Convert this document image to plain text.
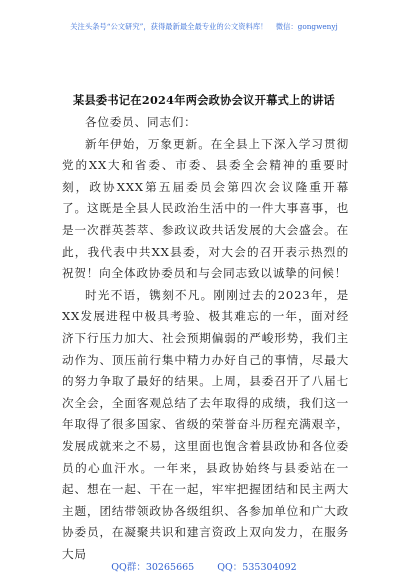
关注头条号“公文研究”，获得最新最全最专业的公文资料库！ 微信：gongwenyj
某县委书记在2024年两会政协会议开幕式上的讲话

各位委员、同志们：

新年伊始，万象更新。在全县上下深入学习贯彻党的XX大和省委、市委、县委全会精神的重要时刻，政协XXX第五届委员会第四次会议隆重开幕了。这既是全县人民政治生活中的一件大事喜事，也是一次群英荟萃、参政议政共话发展的大会盛会。在此，我代表中共XX县委，对大会的召开表示热烈的祝贺！向全体政协委员和与会同志致以诚挚的问候！

时光不语，镌刻不凡。刚刚过去的2023年，是XX发展进程中极具考验、极其难忘的一年，面对经济下行压力加大、社会预期偏弱的严峻形势，我们主动作为、顶压前行集中精力办好自己的事情，尽最大的努力争取了最好的结果。上周，县委召开了八届七次全会，全面客观总结了去年取得的成绩，我们这一年取得了很多国家、省级的荣誉奋斗历程充满艰辛，发展成就来之不易，这里面也饱含着县政协和各位委员的心血汗水。一年来，县政协始终与县委站在一起、想在一起、干在一起，牢牢把握团结和民主两大主题，团结带领政协各级组织、各参加单位和广大政协委员，在凝聚共识和建言资政上双向发力，在服务大局

QQ群：30265665 QQ：535304092
